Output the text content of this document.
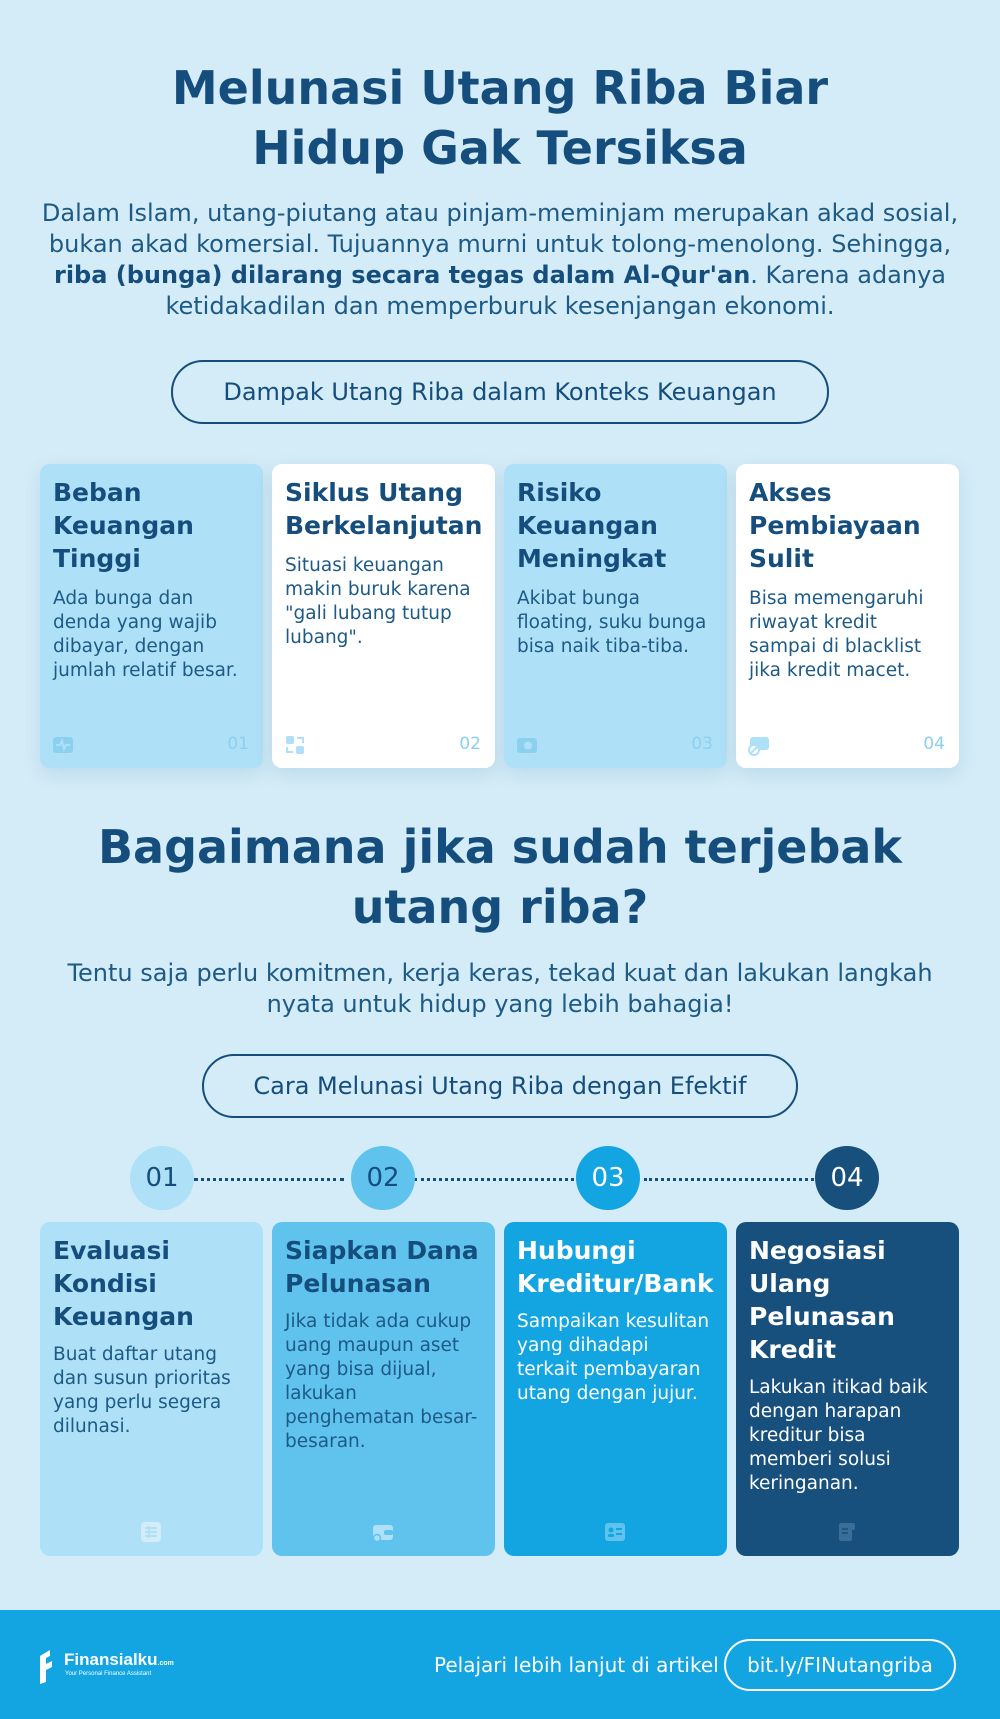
Melunasi Utang Riba Biar
Hidup Gak Tersiksa
Dalam Islam, utang-piutang atau pinjam-meminjam merupakan akad sosial, bukan akad komersial. Tujuannya murni untuk tolong-menolong. Sehingga, riba (bunga) dilarang secara tegas dalam Al-Qur'an. Karena adanya ketidakadilan dan memperburuk kesenjangan ekonomi.
Dampak Utang Riba dalam Konteks Keuangan
Beban Keuangan Tinggi
Ada bunga dan denda yang wajib dibayar, dengan jumlah relatif besar.
01
Siklus Utang Berkelanjutan
Situasi keuangan makin buruk karena "gali lubang tutup lubang".
02
Risiko Keuangan Meningkat
Akibat bunga floating, suku bunga bisa naik tiba-tiba.
03
Akses Pembiayaan Sulit
Bisa memengaruhi riwayat kredit sampai di blacklist jika kredit macet.
04
Bagaimana jika sudah terjebak
utang riba?
Tentu saja perlu komitmen, kerja keras, tekad kuat dan lakukan langkah
nyata untuk hidup yang lebih bahagia!
Cara Melunasi Utang Riba dengan Efektif
01	02	03	04
Evaluasi Kondisi Keuangan
Buat daftar utang dan susun prioritas yang perlu segera dilunasi.
Siapkan Dana Pelunasan
Jika tidak ada cukup uang maupun aset yang bisa dijual, lakukan penghematan besar-besaran.
Hubungi Kreditur/Bank
Sampaikan kesulitan yang dihadapi terkait pembayaran utang dengan jujur.
Negosiasi Ulang Pelunasan Kredit
Lakukan itikad baik dengan harapan kreditur bisa memberi solusi keringanan.
Finansialku.com
Your Personal Finance Assistant	Pelajari lebih lanjut di artikel	bit.ly/FINutangriba
